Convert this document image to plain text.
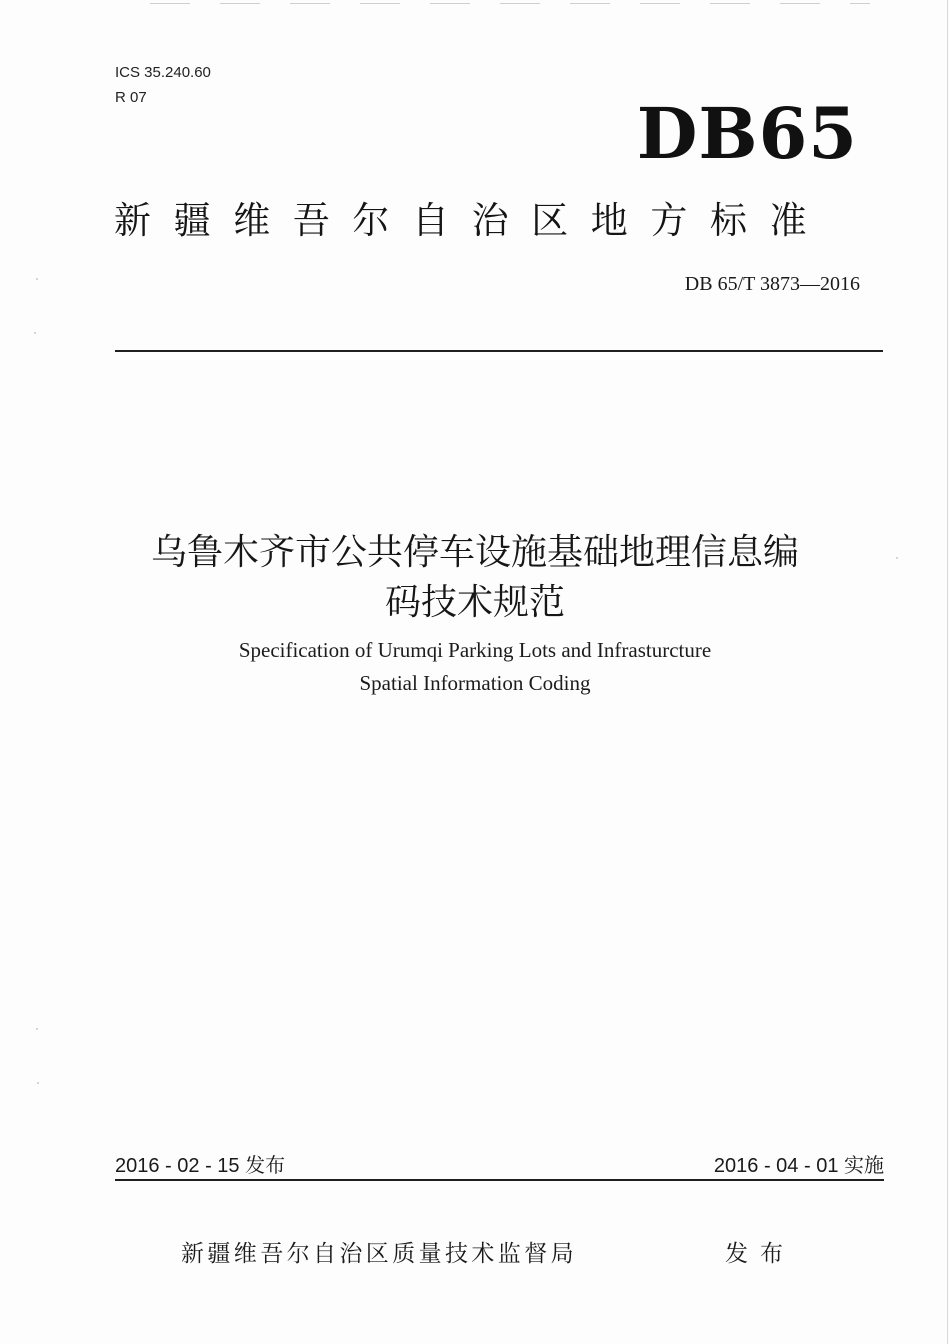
ICS 35.240.60
R 07	DB65
新疆维吾尔自治区地方标准
DB 65/T 3873—2016
乌鲁木齐市公共停车设施基础地理信息编
码技术规范
Specification of Urumqi Parking Lots and Infrasturcture
Spatial Information Coding
2016 - 02 - 15 发布	2016 - 04 - 01 实施
新疆维吾尔自治区质量技术监督局	发布
